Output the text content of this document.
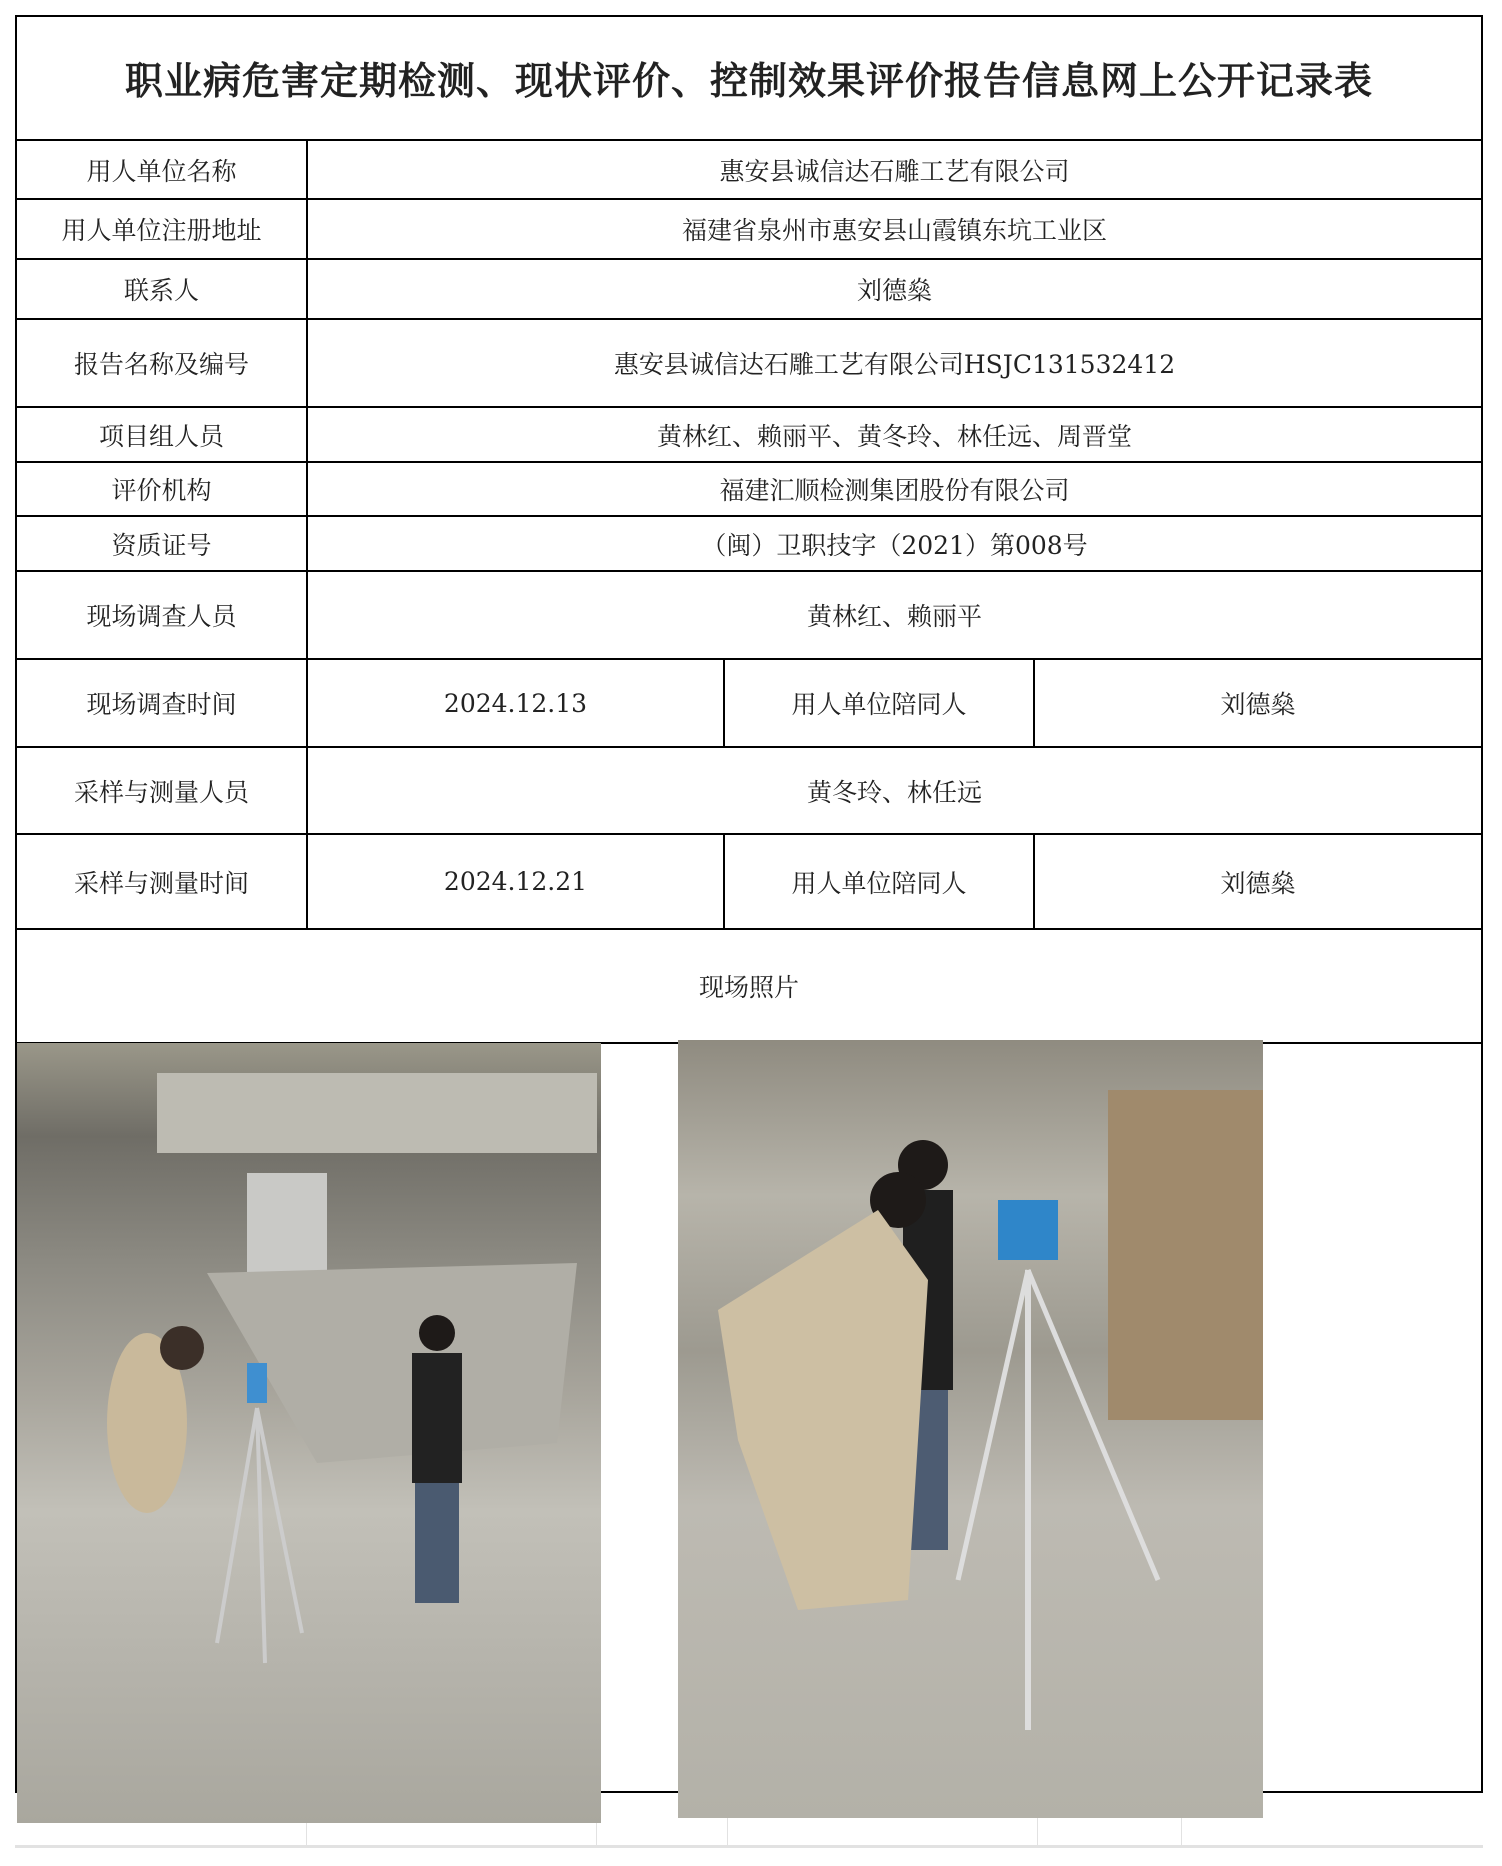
职业病危害定期检测、现状评价、控制效果评价报告信息网上公开记录表
用人单位名称	惠安县诚信达石雕工艺有限公司
用人单位注册地址	福建省泉州市惠安县山霞镇东坑工业区
联系人	刘德燊
报告名称及编号	惠安县诚信达石雕工艺有限公司HSJC131532412
项目组人员	黄林红、赖丽平、黄冬玲、林任远、周晋堂
评价机构	福建汇顺检测集团股份有限公司
资质证号	（闽）卫职技字（2021）第008号
现场调查人员	黄林红、赖丽平
现场调查时间	2024.12.13	用人单位陪同人	刘德燊
采样与测量人员	黄冬玲、林任远
采样与测量时间	2024.12.21	用人单位陪同人	刘德燊
现场照片
